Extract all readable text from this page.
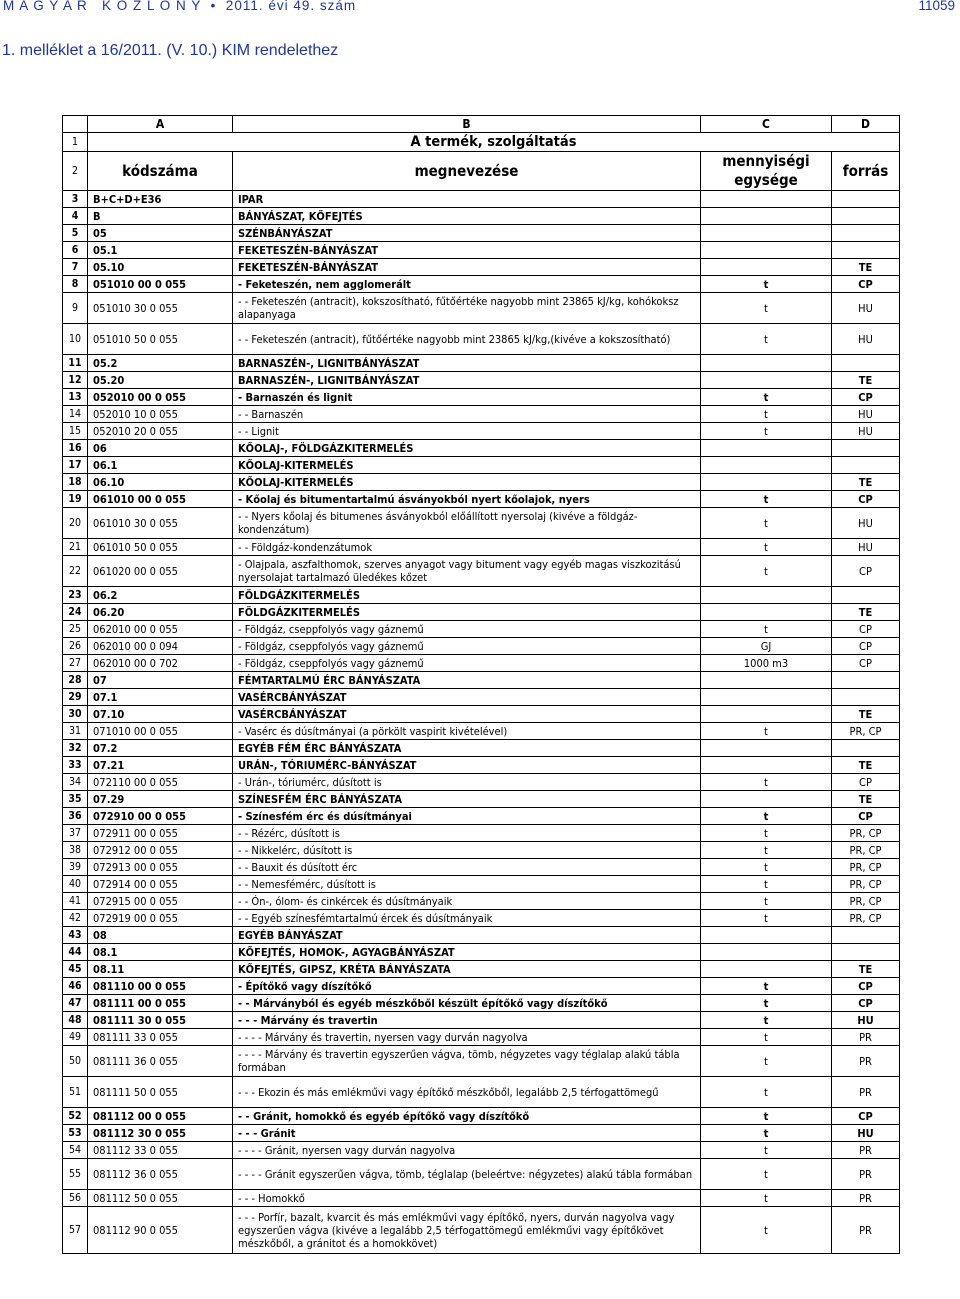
M A G Y A R   K Ö Z L Ö N Y  •  2011. évi 49. szám	11059
1. melléklet a 16/2011. (V. 10.) KIM rendelethez
	A	B	C	D
1	A termék, szolgáltatás			
2	kódszáma	megnevezése	mennyiségi egysége	forrás
3	B+C+D+E36	IPAR		
4	B	BÁNYÁSZAT, KŐFEJTÉS		
5	05	SZÉNBÁNYÁSZAT		
6	05.1	FEKETESZÉN-BÁNYÁSZAT		
7	05.10	FEKETESZÉN-BÁNYÁSZAT		TE
8	051010 00 0 055	- Feketeszén, nem agglomerált	t	CP
9	051010 30 0 055	- - Feketeszén (antracit), kokszosítható, fűtőértéke nagyobb mint 23865 kJ/kg, kohókoksz alapanyaga	t	HU
10	051010 50 0 055	- - Feketeszén (antracit), fűtőértéke nagyobb mint 23865 kJ/kg,(kivéve a kokszosítható)	t	HU
11	05.2	BARNASZÉN-, LIGNITBÁNYÁSZAT		
12	05.20	BARNASZÉN-, LIGNITBÁNYÁSZAT		TE
13	052010 00 0 055	- Barnaszén és lignit	t	CP
14	052010 10 0 055	- - Barnaszén	t	HU
15	052010 20 0 055	- - Lignit	t	HU
16	06	KŐOLAJ-, FÖLDGÁZKITERMELÉS		
17	06.1	KŐOLAJ-KITERMELÉS		
18	06.10	KŐOLAJ-KITERMELÉS		TE
19	061010 00 0 055	- Kőolaj és bitumentartalmú ásványokból nyert kőolajok, nyers	t	CP
20	061010 30 0 055	- - Nyers kőolaj és bitumenes ásványokból előállított nyersolaj (kivéve a földgáz-kondenzátum)	t	HU
21	061010 50 0 055	- - Földgáz-kondenzátumok	t	HU
22	061020 00 0 055	- Olajpala, aszfalthomok, szerves anyagot vagy bitument vagy egyéb magas viszkozitású nyersolajat tartalmazó üledékes kőzet	t	CP
23	06.2	FÖLDGÁZKITERMELÉS		
24	06.20	FÖLDGÁZKITERMELÉS		TE
25	062010 00 0 055	- Földgáz, cseppfolyós vagy gáznemű	t	CP
26	062010 00 0 094	- Földgáz, cseppfolyós vagy gáznemű	GJ	CP
27	062010 00 0 702	- Földgáz, cseppfolyós vagy gáznemű	1000 m3	CP
28	07	FÉMTARTALMÚ ÉRC BÁNYÁSZATA		
29	07.1	VASÉRCBÁNYÁSZAT		
30	07.10	VASÉRCBÁNYÁSZAT		TE
31	071010 00 0 055	- Vasérc és dúsítmányai (a pörkölt vaspirit kivételével)	t	PR, CP
32	07.2	EGYÉB FÉM ÉRC BÁNYÁSZATA		
33	07.21	URÁN-, TÓRIUMÉRC-BÁNYÁSZAT		TE
34	072110 00 0 055	- Urán-, tóriumérc, dúsított is	t	CP
35	07.29	SZÍNESFÉM ÉRC BÁNYÁSZATA		TE
36	072910 00 0 055	- Színesfém érc és dúsítmányai	t	CP
37	072911 00 0 055	- - Rézérc, dúsított is	t	PR, CP
38	072912 00 0 055	- - Nikkelérc, dúsított is	t	PR, CP
39	072913 00 0 055	- - Bauxit és dúsított érc	t	PR, CP
40	072914 00 0 055	- - Nemesfémérc, dúsított is	t	PR, CP
41	072915 00 0 055	- - Ón-, ólom- és cinkércek és dúsítmányaik	t	PR, CP
42	072919 00 0 055	- - Egyéb színesfémtartalmú ércek és dúsítmányaik	t	PR, CP
43	08	EGYÉB BÁNYÁSZAT		
44	08.1	KŐFEJTÉS, HOMOK-, AGYAGBÁNYÁSZAT		
45	08.11	KŐFEJTÉS, GIPSZ, KRÉTA BÁNYÁSZATA		TE
46	081110 00 0 055	- Építőkő vagy díszítőkő	t	CP
47	081111 00 0 055	- - Márványból és egyéb mészkőből készült építőkő vagy díszítőkő	t	CP
48	081111 30 0 055	- - - Márvány és travertin	t	HU
49	081111 33 0 055	- - - - Márvány és travertin, nyersen vagy durván nagyolva	t	PR
50	081111 36 0 055	- - - - Márvány és travertin egyszerűen vágva, tömb, négyzetes vagy téglalap alakú tábla formában	t	PR
51	081111 50 0 055	- - - Ekozin és más emlékművi vagy építőkő mészkőből, legalább 2,5 térfogattömegű	t	PR
52	081112 00 0 055	- - Gránit, homokkő és egyéb építőkő vagy díszítőkő	t	CP
53	081112 30 0 055	- - - Gránit	t	HU
54	081112 33 0 055	- - - - Gránit, nyersen vagy durván nagyolva	t	PR
55	081112 36 0 055	- - - - Gránit egyszerűen vágva, tömb, téglalap (beleértve: négyzetes) alakú tábla formában	t	PR
56	081112 50 0 055	- - - Homokkő	t	PR
57	081112 90 0 055	- - - Porfír, bazalt, kvarcit és más emlékművi vagy építőkő, nyers, durván nagyolva vagy egyszerűen vágva (kivéve a legalább 2,5 térfogattömegű emlékművi vagy építőkövet mészkőből, a gránitot és a homokkövet)	t	PR
